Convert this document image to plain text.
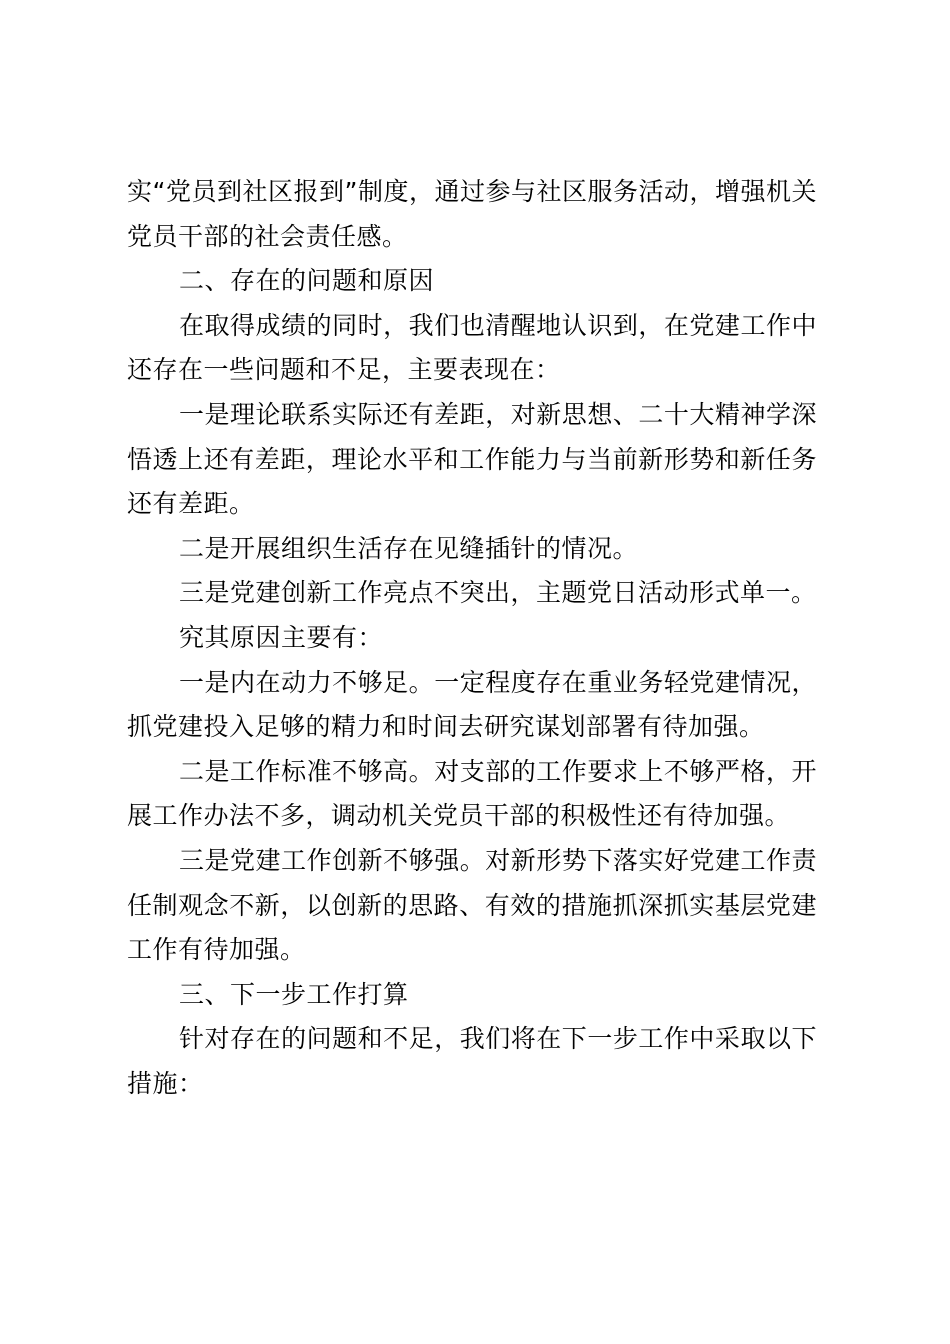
实“党员到社区报到”制度，通过参与社区服务活动，增强机关党员干部的社会责任感。

二、存在的问题和原因

在取得成绩的同时，我们也清醒地认识到，在党建工作中还存在一些问题和不足，主要表现在：

一是理论联系实际还有差距，对新思想、二十大精神学深悟透上还有差距，理论水平和工作能力与当前新形势和新任务还有差距。

二是开展组织生活存在见缝插针的情况。

三是党建创新工作亮点不突出，主题党日活动形式单一。

究其原因主要有：

一是内在动力不够足。一定程度存在重业务轻党建情况，抓党建投入足够的精力和时间去研究谋划部署有待加强。

二是工作标准不够高。对支部的工作要求上不够严格，开展工作办法不多，调动机关党员干部的积极性还有待加强。

三是党建工作创新不够强。对新形势下落实好党建工作责任制观念不新，以创新的思路、有效的措施抓深抓实基层党建工作有待加强。

三、下一步工作打算

针对存在的问题和不足，我们将在下一步工作中采取以下措施：
